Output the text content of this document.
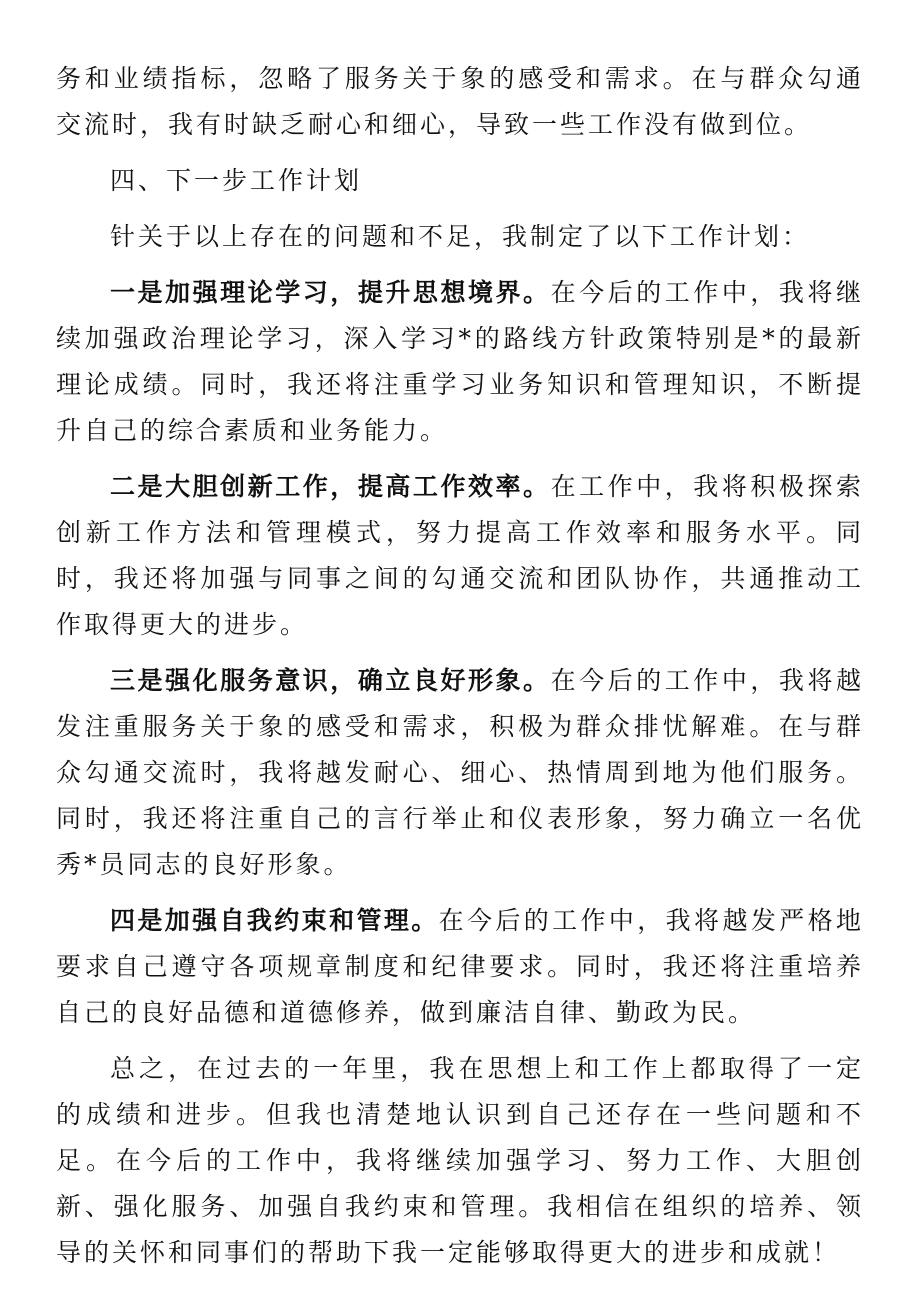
务和业绩指标，忽略了服务关于象的感受和需求。在与群众勾通交流时，我有时缺乏耐心和细心，导致一些工作没有做到位。

四、下一步工作计划

针关于以上存在的问题和不足，我制定了以下工作计划：

一是加强理论学习，提升思想境界。在今后的工作中，我将继续加强政治理论学习，深入学习*的路线方针政策特别是*的最新理论成绩。同时，我还将注重学习业务知识和管理知识，不断提升自己的综合素质和业务能力。

二是大胆创新工作，提高工作效率。在工作中，我将积极探索创新工作方法和管理模式，努力提高工作效率和服务水平。同时，我还将加强与同事之间的勾通交流和团队协作，共通推动工作取得更大的进步。

三是强化服务意识，确立良好形象。在今后的工作中，我将越发注重服务关于象的感受和需求，积极为群众排忧解难。在与群众勾通交流时，我将越发耐心、细心、热情周到地为他们服务。同时，我还将注重自己的言行举止和仪表形象，努力确立一名优秀*员同志的良好形象。

四是加强自我约束和管理。在今后的工作中，我将越发严格地要求自己遵守各项规章制度和纪律要求。同时，我还将注重培养自己的良好品德和道德修养，做到廉洁自律、勤政为民。

总之，在过去的一年里，我在思想上和工作上都取得了一定的成绩和进步。但我也清楚地认识到自己还存在一些问题和不足。在今后的工作中，我将继续加强学习、努力工作、大胆创新、强化服务、加强自我约束和管理。我相信在组织的培养、领导的关怀和同事们的帮助下我一定能够取得更大的进步和成就！
